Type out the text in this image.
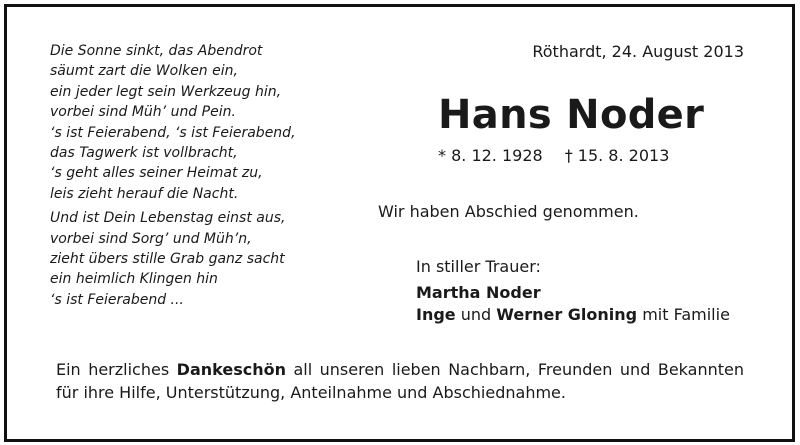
Die Sonne sinkt, das Abendrot
säumt zart die Wolken ein,
ein jeder legt sein Werkzeug hin,
vorbei sind Müh’ und Pein.
‘s ist Feierabend, ‘s ist Feierabend,
das Tagwerk ist vollbracht,
‘s geht alles seiner Heimat zu,
leis zieht herauf die Nacht.
Und ist Dein Lebenstag einst aus,
vorbei sind Sorg’ und Müh’n,
zieht übers stille Grab ganz sacht
ein heimlich Klingen hin
‘s ist Feierabend ...
Röthardt, 24. August 2013
Hans Noder
* 8. 12. 1928 † 15. 8. 2013
Wir haben Abschied genommen.
In stiller Trauer:
Martha Noder
Inge und Werner Gloning mit Familie
Ein herzliches Dankeschön all unseren lieben Nachbarn, Freunden und Bekannten für ihre Hilfe, Unterstützung, Anteilnahme und Abschiednahme.
